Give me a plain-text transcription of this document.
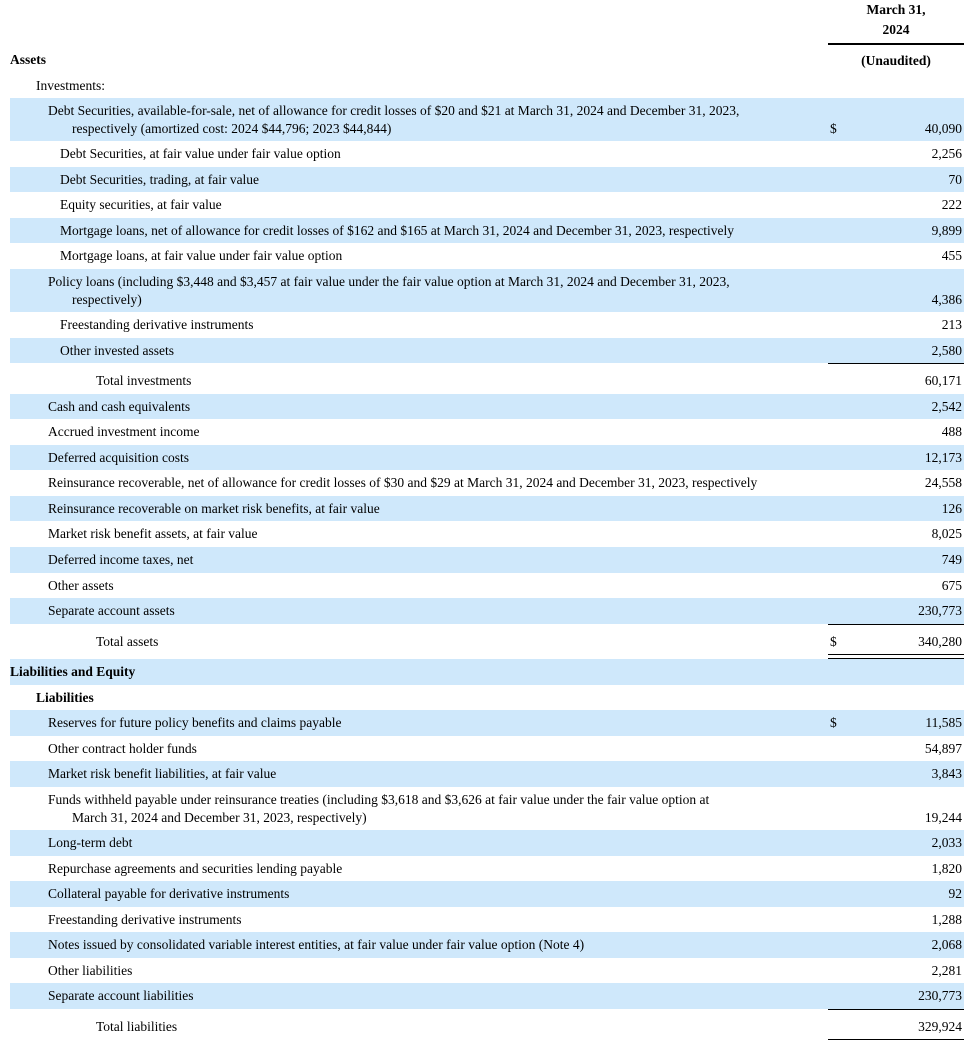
			March 31,	
			2024	

	Assets		(Unaudited)	
	Investments:			
	Debt Securities, available-for-sale, net of allowance for credit losses of $20 and $21 at March 31, 2024 and December 31, 2023,
respectively (amortized cost: 2024 $44,796; 2023 $44,844)		$	40,090
	Debt Securities, at fair value under fair value option			2,256
	Debt Securities, trading, at fair value			70
	Equity securities, at fair value			222
	Mortgage loans, net of allowance for credit losses of $162 and $165 at March 31, 2024 and December 31, 2023, respectively			9,899
	Mortgage loans, at fair value under fair value option			455
	Policy loans (including $3,448 and $3,457 at fair value under the fair value option at March 31, 2024 and December 31, 2023,
respectively)			4,386
	Freestanding derivative instruments			213
	Other invested assets			2,580

	Total investments			60,171
	Cash and cash equivalents			2,542
	Accrued investment income			488
	Deferred acquisition costs			12,173
	Reinsurance recoverable, net of allowance for credit losses of $30 and $29 at March 31, 2024 and December 31, 2023, respectively			24,558
	Reinsurance recoverable on market risk benefits, at fair value			126
	Market risk benefit assets, at fair value			8,025
	Deferred income taxes, net			749
	Other assets			675
	Separate account assets			230,773

	Total assets		$	340,280

	Liabilities and Equity			
	Liabilities			
	Reserves for future policy benefits and claims payable		$	11,585
	Other contract holder funds			54,897
	Market risk benefit liabilities, at fair value			3,843
	Funds withheld payable under reinsurance treaties (including $3,618 and $3,626 at fair value under the fair value option at
March 31, 2024 and December 31, 2023, respectively)			19,244
	Long-term debt			2,033
	Repurchase agreements and securities lending payable			1,820
	Collateral payable for derivative instruments			92
	Freestanding derivative instruments			1,288
	Notes issued by consolidated variable interest entities, at fair value under fair value option (Note 4)			2,068
	Other liabilities			2,281
	Separate account liabilities			230,773

	Total liabilities			329,924
